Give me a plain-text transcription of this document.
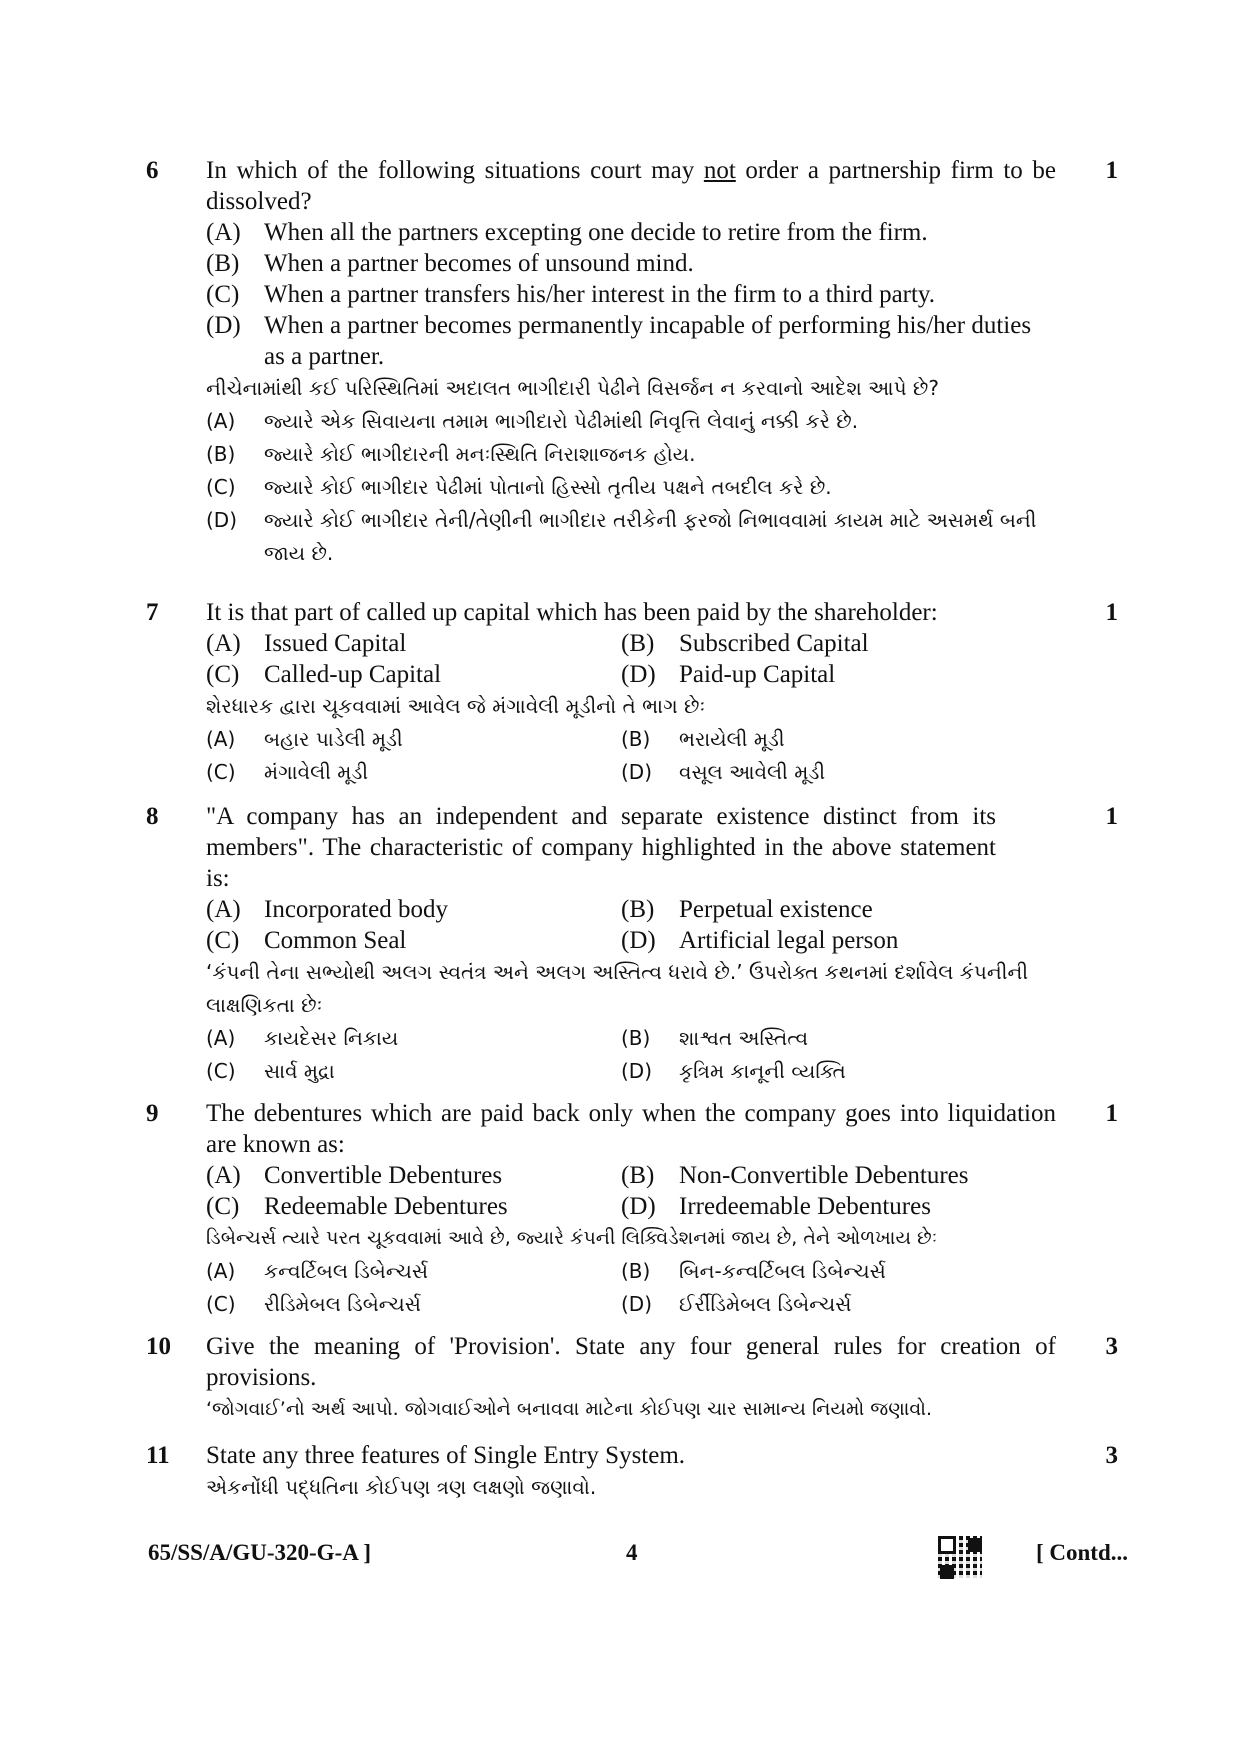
6	1
In which of the following situations court may not order a partnership firm to be dissolved?
(A) When all the partners excepting one decide to retire from the firm.
(B) When a partner becomes of unsound mind.
(C) When a partner transfers his/her interest in the firm to a third party.
(D) When a partner becomes permanently incapable of performing his/her duties as a partner.
નીચેનામાંથી કઈ પરિસ્થિતિમાં અદાલત ભાગીદારી પેઢીને વિસર્જન ન કરવાનો આદેશ આપે છે?
(A)	જ્યારે એક સિવાયના તમામ ભાગીદારો પેઢીમાંથી નિવૃત્તિ લેવાનું નક્કી કરે છે.
(B)	જ્યારે કોઈ ભાગીદારની મનઃસ્થિતિ નિરાશાજનક હોય.
(C)	જ્યારે કોઈ ભાગીદાર પેઢીમાં પોતાનો હિસ્સો તૃતીય પક્ષને તબદીલ કરે છે.
(D)	જ્યારે કોઈ ભાગીદાર તેની/તેણીની ભાગીદાર તરીકેની ફરજો નિભાવવામાં કાયમ માટે અસમર્થ બની જાય છે.
7	1
It is that part of called up capital which has been paid by the shareholder:
(A) Issued Capital	(B) Subscribed Capital
(C) Called-up Capital	(D) Paid-up Capital
શેરધારક દ્વારા ચૂકવવામાં આવેલ જે મંગાવેલી મૂડીનો તે ભાગ છેઃ
(A)	બહાર પાડેલી મૂડી	(B)	ભરાયેલી મૂડી
(C)	મંગાવેલી મૂડી	(D)	વસૂલ આવેલી મૂડી
8	1
"A company has an independent and separate existence distinct from its members". The characteristic of company highlighted in the above statement is:
(A) Incorporated body	(B) Perpetual existence
(C) Common Seal	(D) Artificial legal person
‘કંપની તેના સભ્યોથી અલગ સ્વતંત્ર અને અલગ અસ્તિત્વ ધરાવે છે.’ ઉપરોક્ત કથનમાં દર્શાવેલ કંપનીની લાક્ષણિકતા છેઃ
(A)	કાયદેસર નિકાય	(B)	શાશ્વત અસ્તિત્વ
(C)	સાર્વ મુદ્રા	(D)	કૃત્રિમ કાનૂની વ્યક્તિ
9	1
The debentures which are paid back only when the company goes into liquidation are known as:
(A) Convertible Debentures	(B) Non-Convertible Debentures
(C) Redeemable Debentures	(D) Irredeemable Debentures
ડિબેન્ચર્સ ત્યારે પરત ચૂકવવામાં આવે છે, જ્યારે કંપની લિક્વિડેશનમાં જાય છે, તેને ઓળખાય છેઃ
(A)	કન્વર્ટિબલ ડિબેન્ચર્સ	(B)	બિન-કન્વર્ટિબલ ડિબેન્ચર્સ
(C)	રીડિમેબલ ડિબેન્ચર્સ	(D)	ઈર્રીડિમેબલ ડિબેન્ચર્સ
10	3
Give the meaning of 'Provision'. State any four general rules for creation of provisions.
‘જોગવાઈ’નો અર્થ આપો. જોગવાઈઓને બનાવવા માટેના કોઈપણ ચાર સામાન્ય નિયમો જણાવો.
11	3
State any three features of Single Entry System.
એકનોંધી પદ્ધતિના કોઈપણ ત્રણ લક્ષણો જણાવો.
65/SS/A/GU-320-G-A ]	4	[ Contd...
